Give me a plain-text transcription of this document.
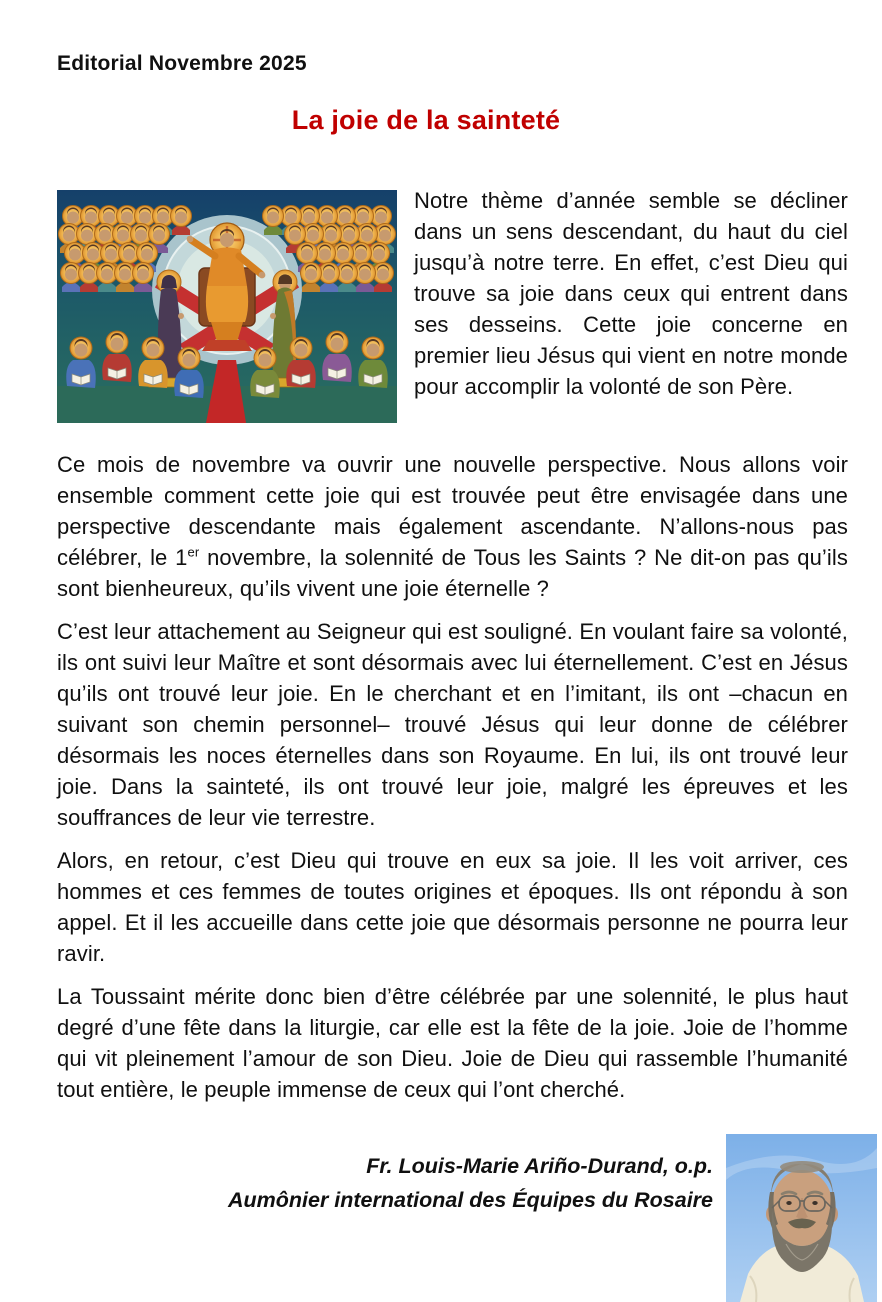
Editorial Novembre 2025
La joie de la sainteté

Notre thème d’année semble se décliner dans un sens descendant, du haut du ciel jusqu’à notre terre. En effet, c’est Dieu qui trouve sa joie dans ceux qui entrent dans ses desseins. Cette joie concerne en premier lieu Jésus qui vient en notre monde pour accomplir la volonté de son Père.

Ce mois de novembre va ouvrir une nouvelle perspective. Nous allons voir ensemble comment cette joie qui est trouvée peut être envisagée dans une perspective descendante mais également ascendante. N’allons-nous pas célébrer, le 1er novembre, la solennité de Tous les Saints ? Ne dit-on pas qu’ils sont bienheureux, qu’ils vivent une joie éternelle ?

C’est leur attachement au Seigneur qui est souligné. En voulant faire sa volonté, ils ont suivi leur Maître et sont désormais avec lui éternellement. C’est en Jésus qu’ils ont trouvé leur joie. En le cherchant et en l’imitant, ils ont –chacun en suivant son chemin personnel– trouvé Jésus qui leur donne de célébrer désormais les noces éternelles dans son Royaume. En lui, ils ont trouvé leur joie. Dans la sainteté, ils ont trouvé leur joie, malgré les épreuves et les souffrances de leur vie terrestre.

Alors, en retour, c’est Dieu qui trouve en eux sa joie. Il les voit arriver, ces hommes et ces femmes de toutes origines et époques. Ils ont répondu à son appel. Et il les accueille dans cette joie que désormais personne ne pourra leur ravir.

La Toussaint mérite donc bien d’être célébrée par une solennité, le plus haut degré d’une fête dans la liturgie, car elle est la fête de la joie. Joie de l’homme qui vit pleinement l’amour de son Dieu. Joie de Dieu qui rassemble l’humanité tout entière, le peuple immense de ceux qui l’ont cherché.

Fr. Louis-Marie Ariño-Durand, o.p.
Aumônier international des Équipes du Rosaire
